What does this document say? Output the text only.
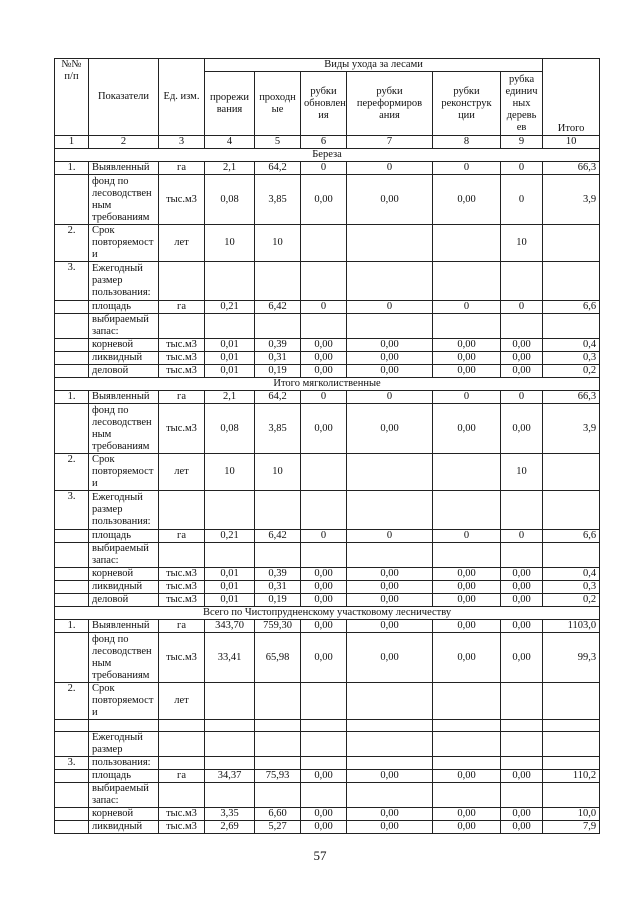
№№ п/п	Показатели	Ед. изм.	Виды ухода за лесами						Итого
			прорежи вания	проходн ые	рубки обновлен ия	рубки переформиров ания	рубки реконструк ции	рубка единич ных деревь ев	
1	2	3	4	5	6	7	8	9	10
Береза									
1.	Выявленный	га	2,1	64,2	0	0	0	0	66,3
	фонд по лесоводствен ным требованиям	тыс.м3	0,08	3,85	0,00	0,00	0,00	0	3,9
2.	Срок повторяемост и	лет	10	10				10	
3.	Ежегодный размер пользования:								
	площадь	га	0,21	6,42	0	0	0	0	6,6
	выбираемый запас:								
	корневой	тыс.м3	0,01	0,39	0,00	0,00	0,00	0,00	0,4
	ликвидный	тыс.м3	0,01	0,31	0,00	0,00	0,00	0,00	0,3
	деловой	тыс.м3	0,01	0,19	0,00	0,00	0,00	0,00	0,2
Итого мягколиственные									
1.	Выявленный	га	2,1	64,2	0	0	0	0	66,3
	фонд по лесоводствен ным требованиям	тыс.м3	0,08	3,85	0,00	0,00	0,00	0,00	3,9
2.	Срок повторяемост и	лет	10	10				10	
3.	Ежегодный размер пользования:								
	площадь	га	0,21	6,42	0	0	0	0	6,6
	выбираемый запас:								
	корневой	тыс.м3	0,01	0,39	0,00	0,00	0,00	0,00	0,4
	ликвидный	тыс.м3	0,01	0,31	0,00	0,00	0,00	0,00	0,3
	деловой	тыс.м3	0,01	0,19	0,00	0,00	0,00	0,00	0,2
Всего по Чистопрудненскому участковому лесничеству									
1.	Выявленный	га	343,70	759,30	0,00	0,00	0,00	0,00	1103,0
	фонд по лесоводствен ным требованиям	тыс.м3	33,41	65,98	0,00	0,00	0,00	0,00	99,3
2.	Срок повторяемост и	лет							

	Ежегодный размер								
3.	пользования:								
	площадь	га	34,37	75,93	0,00	0,00	0,00	0,00	110,2
	выбираемый запас:								
	корневой	тыс.м3	3,35	6,60	0,00	0,00	0,00	0,00	10,0
	ликвидный	тыс.м3	2,69	5,27	0,00	0,00	0,00	0,00	7,9
57
